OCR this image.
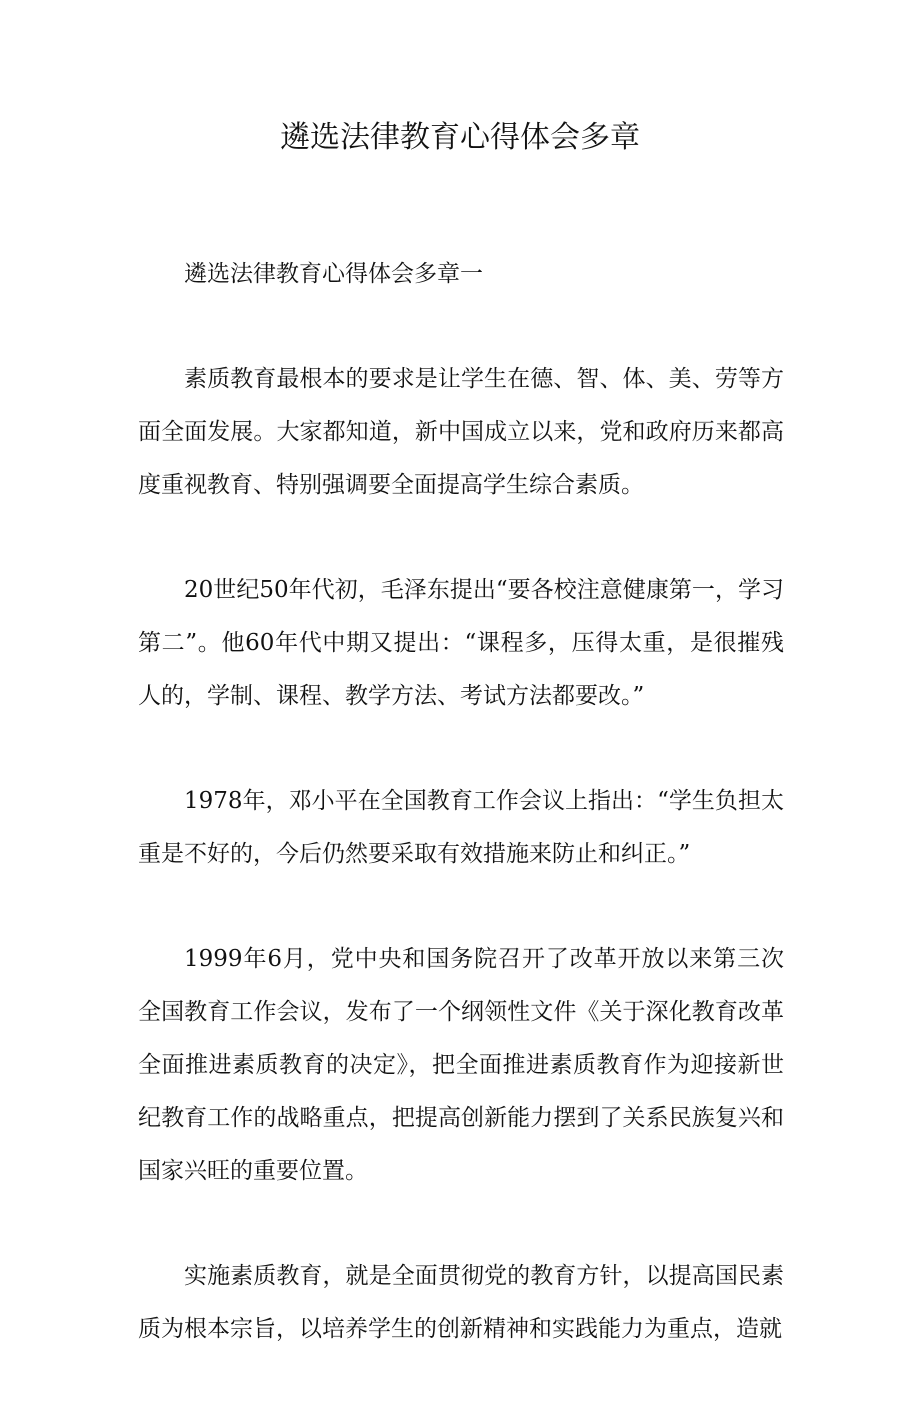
遴选法律教育心得体会多章

遴选法律教育心得体会多章一

素质教育最根本的要求是让学生在德、智、体、美、劳等方面全面发展。大家都知道，新中国成立以来，党和政府历来都高度重视教育、特别强调要全面提高学生综合素质。

20世纪50年代初，毛泽东提出“要各校注意健康第一，学习第二”。他60年代中期又提出：“课程多，压得太重，是很摧残人的，学制、课程、教学方法、考试方法都要改。”

1978年，邓小平在全国教育工作会议上指出：“学生负担太重是不好的，今后仍然要采取有效措施来防止和纠正。”

1999年6月，党中央和国务院召开了改革开放以来第三次全国教育工作会议，发布了一个纲领性文件《关于深化教育改革全面推进素质教育的决定》，把全面推进素质教育作为迎接新世纪教育工作的战略重点，把提高创新能力摆到了关系民族复兴和国家兴旺的重要位置。

实施素质教育，就是全面贯彻党的教育方针，以提高国民素质为根本宗旨，以培养学生的创新精神和实践能力为重点，造就
